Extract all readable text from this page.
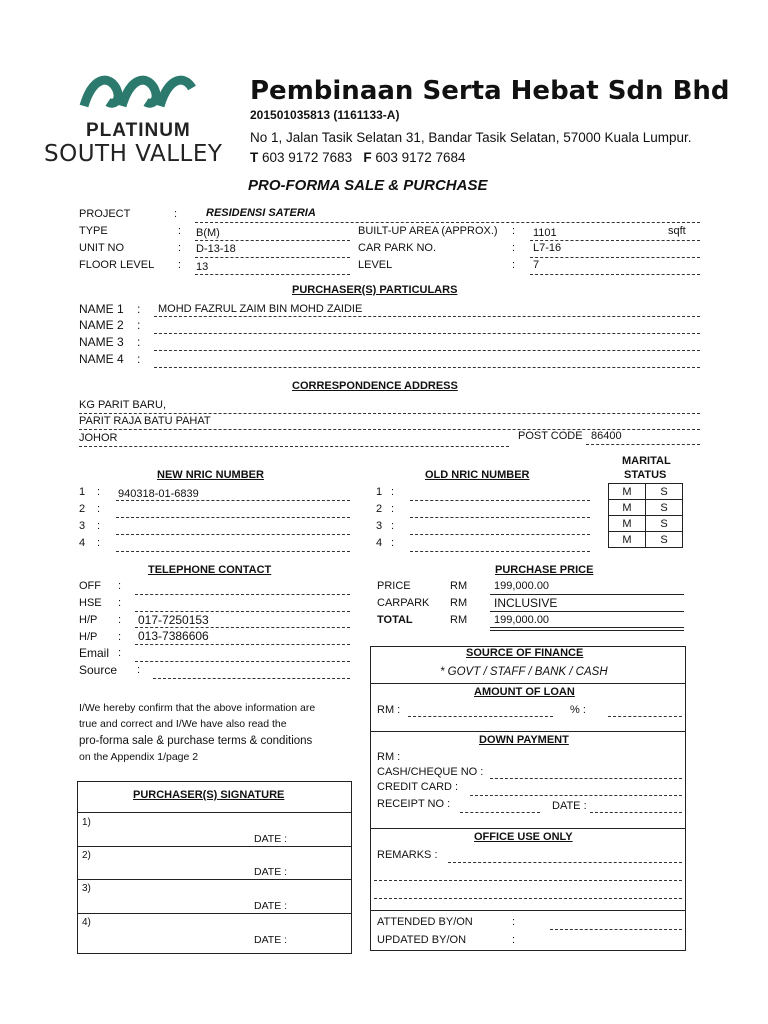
PLATINUM
SOUTH VALLEY
Pembinaan Serta Hebat Sdn Bhd
201501035813 (1161133-A)
No 1, Jalan Tasik Selatan 31, Bandar Tasik Selatan, 57000 Kuala Lumpur.
T 603 9172 7683 F 603 9172 7684
PRO-FORMA SALE & PURCHASE
PROJECT	:	RESIDENSI SATERIA
TYPE	: B(M)
UNIT NO	: D-13-18
FLOOR LEVEL : 13
BUILT-UP AREA (APPROX.) : 1101	sqft
CAR PARK NO.	: L7-16
LEVEL	: 7
PURCHASER(S) PARTICULARS
NAME 1 : MOHD FAZRUL ZAIM BIN MOHD ZAIDIE
NAME 2 :
NAME 3 :
NAME 4 :
CORRESPONDENCE ADDRESS
KG PARIT BARU,
PARIT RAJA BATU PAHAT
JOHOR	POST CODE 86400
MARITAL
STATUS
NEW NRIC NUMBER	OLD NRIC NUMBER
1 : 940318-01-6839	1 :
2 :	2 :
3 :	3 :
4 :	4 :
M	S
M	S
M	S
M	S
TELEPHONE CONTACT
OFF :
HSE :
H/P : 017-7250153
H/P : 013-7386606
Email :
Source :
PURCHASE PRICE
PRICE	RM 199,000.00
CARPARK RM INCLUSIVE
TOTAL	RM 199,000.00
I/We hereby confirm that the above information are
true and correct and I/We have also read the
pro-forma sale & purchase terms & conditions
on the Appendix 1/page 2
PURCHASER(S) SIGNATURE
1)
DATE :
2)
DATE :
3)
DATE :
4)
DATE :
SOURCE OF FINANCE
* GOVT / STAFF / BANK / CASH
AMOUNT OF LOAN
RM :	% :
DOWN PAYMENT
RM :
CASH/CHEQUE NO :
CREDIT CARD :
RECEIPT NO :	DATE :
OFFICE USE ONLY
REMARKS :
ATTENDED BY/ON	:
UPDATED BY/ON	:
